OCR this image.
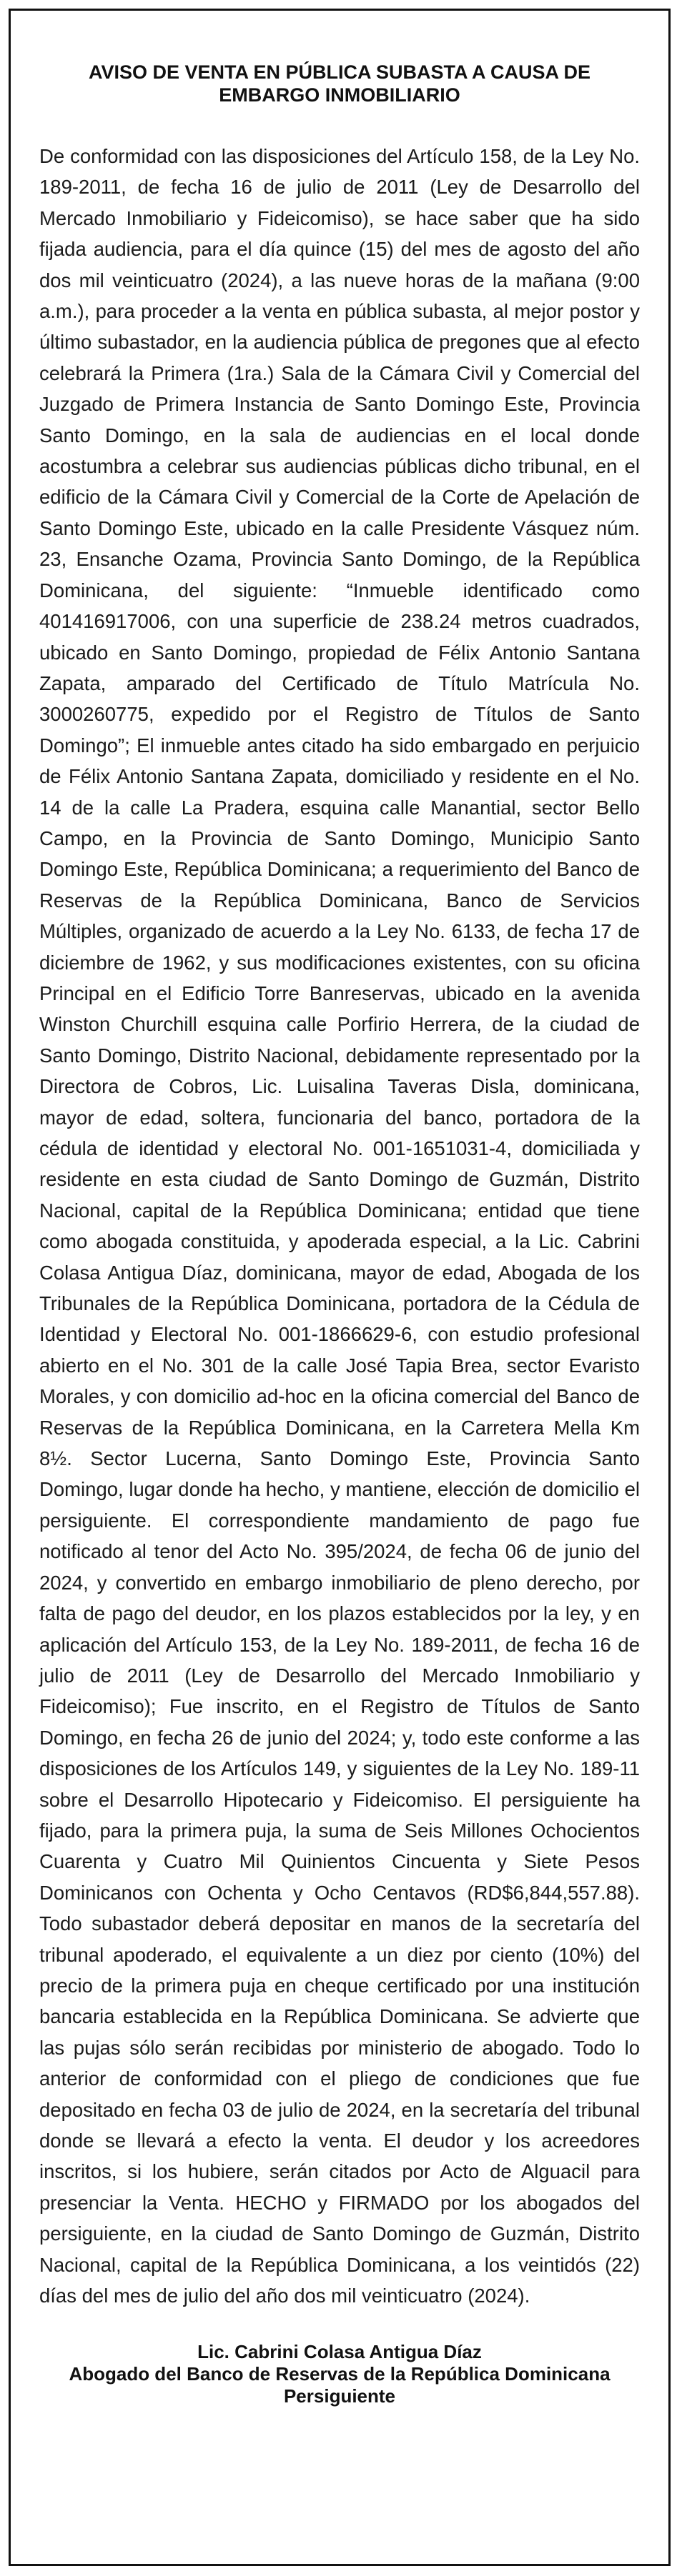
AVISO DE VENTA EN PÚBLICA SUBASTA A CAUSA DE
EMBARGO INMOBILIARIO

De conformidad con las disposiciones del Artículo 158, de la Ley No. 189-2011, de fecha 16 de julio de 2011 (Ley de Desarrollo del Mercado Inmobiliario y Fideicomiso), se hace saber que ha sido fijada audiencia, para el día quince (15) del mes de agosto del año dos mil veinticuatro (2024), a las nueve horas de la mañana (9:00 a.m.), para proceder a la venta en pública subasta, al mejor postor y último subastador, en la audiencia pública de pregones que al efecto celebrará la Primera (1ra.) Sala de la Cámara Civil y Comercial del Juzgado de Primera Instancia de Santo Domingo Este, Provincia Santo Domingo, en la sala de audiencias en el local donde acostumbra a celebrar sus audiencias públicas dicho tribunal, en el edificio de la Cámara Civil y Comercial de la Corte de Apelación de Santo Domingo Este, ubicado en la calle Presidente Vásquez núm. 23, Ensanche Ozama, Provincia Santo Domingo, de la República Dominicana, del siguiente: “Inmueble identificado como 401416917006, con una superficie de 238.24 metros cuadrados, ubicado en Santo Domingo, propiedad de Félix Antonio Santana Zapata, amparado del Certificado de Título Matrícula No. 3000260775, expedido por el Registro de Títulos de Santo Domingo”; El inmueble antes citado ha sido embargado en perjuicio de Félix Antonio Santana Zapata, domiciliado y residente en el No. 14 de la calle La Pradera, esquina calle Manantial, sector Bello Campo, en la Provincia de Santo Domingo, Municipio Santo Domingo Este, República Dominicana; a requerimiento del Banco de Reservas de la República Dominicana, Banco de Servicios Múltiples, organizado de acuerdo a la Ley No. 6133, de fecha 17 de diciembre de 1962, y sus modificaciones existentes, con su oficina Principal en el Edificio Torre Banreservas, ubicado en la avenida Winston Churchill esquina calle Porfirio Herrera, de la ciudad de Santo Domingo, Distrito Nacional, debidamente representado por la Directora de Cobros, Lic. Luisalina Taveras Disla, dominicana, mayor de edad, soltera, funcionaria del banco, portadora de la cédula de identidad y electoral No. 001-1651031-4, domiciliada y residente en esta ciudad de Santo Domingo de Guzmán, Distrito Nacional, capital de la República Dominicana; entidad que tiene como abogada constituida, y apoderada especial, a la Lic. Cabrini Colasa Antigua Díaz, dominicana, mayor de edad, Abogada de los Tribunales de la República Dominicana, portadora de la Cédula de Identidad y Electoral No. 001-1866629-6, con estudio profesional abierto en el No. 301 de la calle José Tapia Brea, sector Evaristo Morales, y con domicilio ad-hoc en la oficina comercial del Banco de Reservas de la República Dominicana, en la Carretera Mella Km 8½. Sector Lucerna, Santo Domingo Este, Provincia Santo Domingo, lugar donde ha hecho, y mantiene, elección de domicilio el persiguiente. El correspondiente mandamiento de pago fue notificado al tenor del Acto No. 395/2024, de fecha 06 de junio del 2024, y convertido en embargo inmobiliario de pleno derecho, por falta de pago del deudor, en los plazos establecidos por la ley, y en aplicación del Artículo 153, de la Ley No. 189-2011, de fecha 16 de julio de 2011 (Ley de Desarrollo del Mercado Inmobiliario y Fideicomiso); Fue inscrito, en el Registro de Títulos de Santo Domingo, en fecha 26 de junio del 2024; y, todo este conforme a las disposiciones de los Artículos 149, y siguientes de la Ley No. 189-11 sobre el Desarrollo Hipotecario y Fideicomiso. El persiguiente ha fijado, para la primera puja, la suma de Seis Millones Ochocientos Cuarenta y Cuatro Mil Quinientos Cincuenta y Siete Pesos Dominicanos con Ochenta y Ocho Centavos (RD$6,844,557.88). Todo subastador deberá depositar en manos de la secretaría del tribunal apoderado, el equivalente a un diez por ciento (10%) del precio de la primera puja en cheque certificado por una institución bancaria establecida en la República Dominicana. Se advierte que las pujas sólo serán recibidas por ministerio de abogado. Todo lo anterior de conformidad con el pliego de condiciones que fue depositado en fecha 03 de julio de 2024, en la secretaría del tribunal donde se llevará a efecto la venta. El deudor y los acreedores inscritos, si los hubiere, serán citados por Acto de Alguacil para presenciar la Venta. HECHO y FIRMADO por los abogados del persiguiente, en la ciudad de Santo Domingo de Guzmán, Distrito Nacional, capital de la República Dominicana, a los veintidós (22) días del mes de julio del año dos mil veinticuatro (2024).

Lic. Cabrini Colasa Antigua Díaz
Abogado del Banco de Reservas de la República Dominicana
Persiguiente
